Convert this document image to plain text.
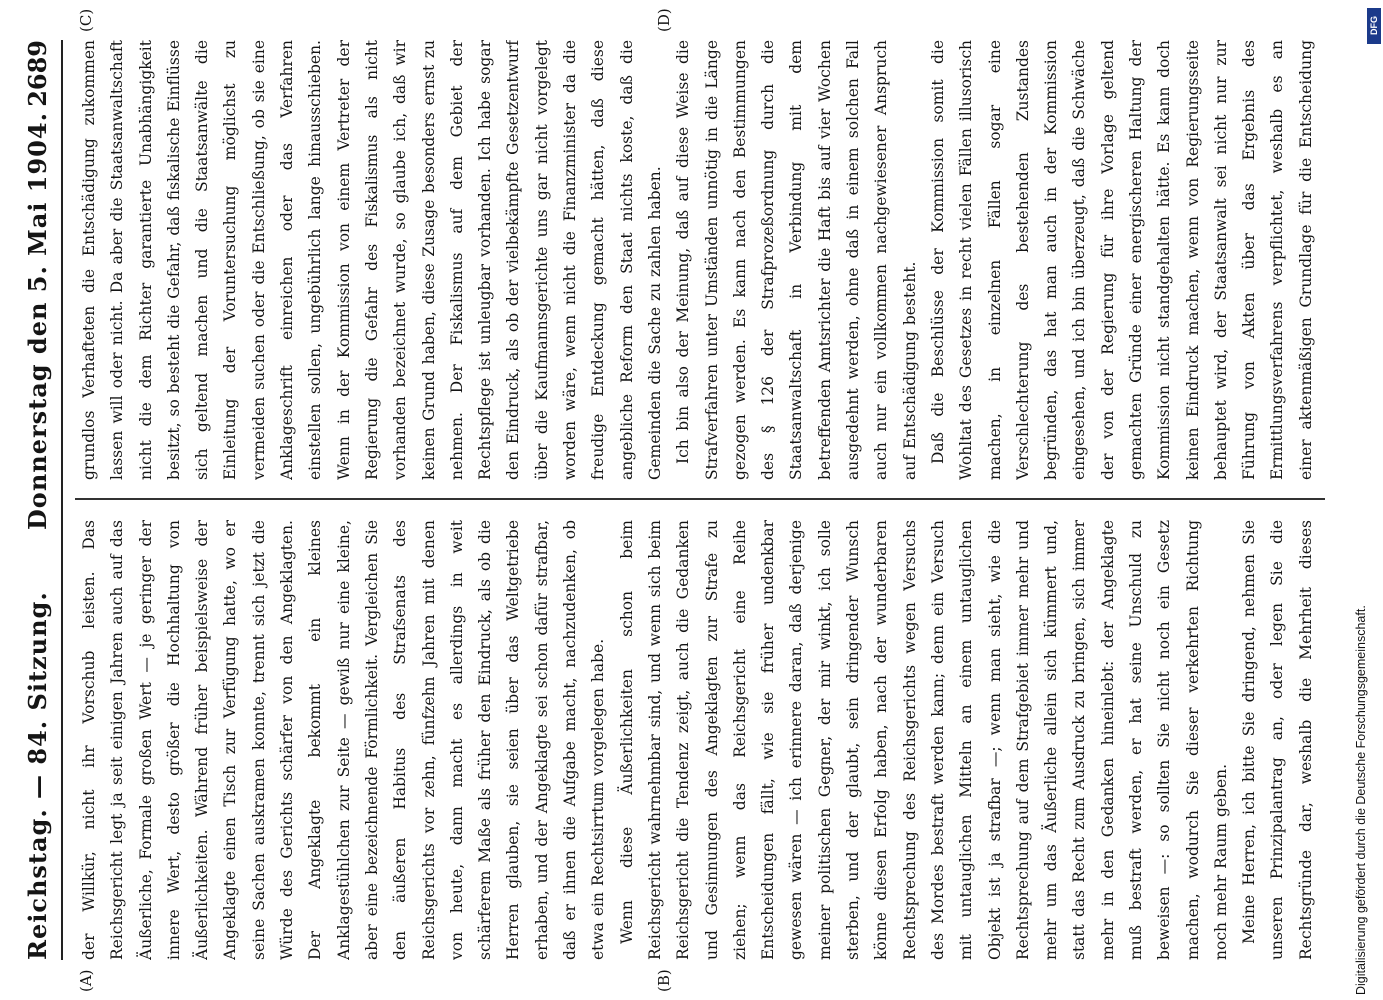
Reichstag. — 84. Sitzung.
Donnerstag den 5. Mai 1904.
2689
(A)	(B)
(C)	(D)

der Willkür, nicht ihr Vorschub leisten. Das Reichsgericht legt ja seit einigen Jahren auch auf das Äußerliche, Formale großen Wert — je geringer der innere Wert, desto größer die Hochhaltung von Äußerlichkeiten. Während früher beispielsweise der Angeklagte einen Tisch zur Verfügung hatte, wo er seine Sachen auskramen konnte, trennt sich jetzt die Würde des Gerichts schärfer von den Angeklagten. Der Angeklagte bekommt ein kleines Anklagestühlchen zur Seite — gewiß nur eine kleine, aber eine bezeichnende Förmlichkeit. Vergleichen Sie den äußeren Habitus des Strafsenats des Reichsgerichts vor zehn, fünfzehn Jahren mit denen von heute, dann macht es allerdings in weit schärferem Maße als früher den Eindruck, als ob die Herren glauben, sie seien über das Weltgetriebe erhaben, und der Angeklagte sei schon dafür strafbar, daß er ihnen die Aufgabe macht, nachzudenken, ob etwa ein Rechtsirrtum vorgelegen habe. Wenn diese Äußerlichkeiten schon beim Reichsgericht wahrnehmbar sind, und wenn sich beim Reichsgericht die Tendenz zeigt, auch die Gedanken und Gesinnungen des Angeklagten zur Strafe zu ziehen; wenn das Reichsgericht eine Reihe Entscheidungen fällt, wie sie früher undenkbar gewesen wären — ich erinnere daran, daß derjenige meiner politischen Gegner, der mir winkt, ich solle sterben, und der glaubt, sein dringender Wunsch könne diesen Erfolg haben, nach der wunderbaren Rechtsprechung des Reichsgerichts wegen Versuchs des Mordes bestraft werden kann; denn ein Versuch mit untauglichen Mitteln an einem untauglichen Objekt ist ja strafbar —; wenn man sieht, wie die Rechtsprechung auf dem Strafgebiet immer mehr und mehr um das Äußerliche allein sich kümmert und, statt das Recht zum Ausdruck zu bringen, sich immer mehr in den Gedanken hineinlebt: der Angeklagte muß bestraft werden, er hat seine Unschuld zu beweisen —: so sollten Sie nicht noch ein Gesetz machen, wodurch Sie dieser verkehrten Richtung noch mehr Raum geben. Meine Herren, ich bitte Sie dringend, nehmen Sie unseren Prinzipalantrag an, oder legen Sie die Rechtsgründe dar, weshalb die Mehrheit dieses

grundlos Verhafteten die Entschädigung zukommen lassen will oder nicht. Da aber die Staatsanwaltschaft nicht die dem Richter garantierte Unabhängigkeit besitzt, so besteht die Gefahr, daß fiskalische Einflüsse sich geltend machen und die Staatsanwälte die Einleitung der Voruntersuchung möglichst zu vermeiden suchen oder die Entschließung, ob sie eine Anklageschrift einreichen oder das Verfahren einstellen sollen, ungebührlich lange hinausschieben. Wenn in der Kommission von einem Vertreter der Regierung die Gefahr des Fiskalismus als nicht vorhanden bezeichnet wurde, so glaube ich, daß wir keinen Grund haben, diese Zusage besonders ernst zu nehmen. Der Fiskalismus auf dem Gebiet der Rechtspflege ist unleugbar vorhanden. Ich habe sogar den Eindruck, als ob der vielbekämpfte Gesetzentwurf über die Kaufmannsgerichte uns gar nicht vorgelegt worden wäre, wenn nicht die Finanzminister da die freudige Entdeckung gemacht hätten, daß diese angebliche Reform den Staat nichts koste, daß die Gemeinden die Sache zu zahlen haben. Ich bin also der Meinung, daß auf diese Weise die Strafverfahren unter Umständen unnötig in die Länge gezogen werden. Es kann nach den Bestimmungen des § 126 der Strafprozeßordnung durch die Staatsanwaltschaft in Verbindung mit dem betreffenden Amtsrichter die Haft bis auf vier Wochen ausgedehnt werden, ohne daß in einem solchen Fall auch nur ein vollkommen nachgewiesener Anspruch auf Entschädigung besteht. Daß die Beschlüsse der Kommission somit die Wohltat des Gesetzes in recht vielen Fällen illusorisch machen, in einzelnen Fällen sogar eine Verschlechterung des bestehenden Zustandes begründen, das hat man auch in der Kommission eingesehen, und ich bin überzeugt, daß die Schwäche der von der Regierung für ihre Vorlage geltend gemachten Gründe einer energischeren Haltung der Kommission nicht standgehalten hätte. Es kann doch keinen Eindruck machen, wenn von Regierungsseite behauptet wird, der Staatsanwalt sei nicht nur zur Führung von Akten über das Ergebnis des Ermittlungsverfahrens verpflichtet, weshalb es an einer aktenmäßigen Grundlage für die Entscheidung

Digitalisierung gefördert durch die Deutsche Forschungsgemeinschaft.
DFG
